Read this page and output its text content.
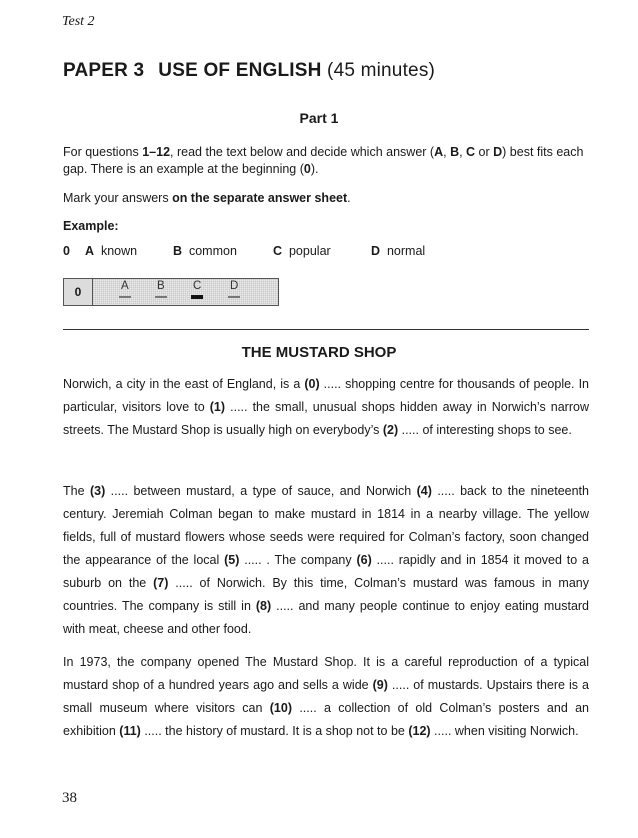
Test 2
PAPER 3 USE OF ENGLISH (45 minutes)
Part 1
For questions 1–12, read the text below and decide which answer (A, B, C or D) best fits each gap. There is an example at the beginning (0).
Mark your answers on the separate answer sheet.
Example:
0 A known	B common	C popular	D normal
0	A B C D
THE MUSTARD SHOP
Norwich, a city in the east of England, is a (0) ..... shopping centre for thousands of people. In particular, visitors love to (1) ..... the small, unusual shops hidden away in Norwich’s narrow streets. The Mustard Shop is usually high on everybody’s (2) ..... of interesting shops to see.
The (3) ..... between mustard, a type of sauce, and Norwich (4) ..... back to the nineteenth century. Jeremiah Colman began to make mustard in 1814 in a nearby village. The yellow fields, full of mustard flowers whose seeds were required for Colman’s factory, soon changed the appearance of the local (5) ..... . The company (6) ..... rapidly and in 1854 it moved to a suburb on the (7) ..... of Norwich. By this time, Colman’s mustard was famous in many countries. The company is still in (8) ..... and many people continue to enjoy eating mustard with meat, cheese and other food.
In 1973, the company opened The Mustard Shop. It is a careful reproduction of a typical mustard shop of a hundred years ago and sells a wide (9) ..... of mustards. Upstairs there is a small museum where visitors can (10) ..... a collection of old Colman’s posters and an exhibition (11) ..... the history of mustard. It is a shop not to be (12) ..... when visiting Norwich.
38
